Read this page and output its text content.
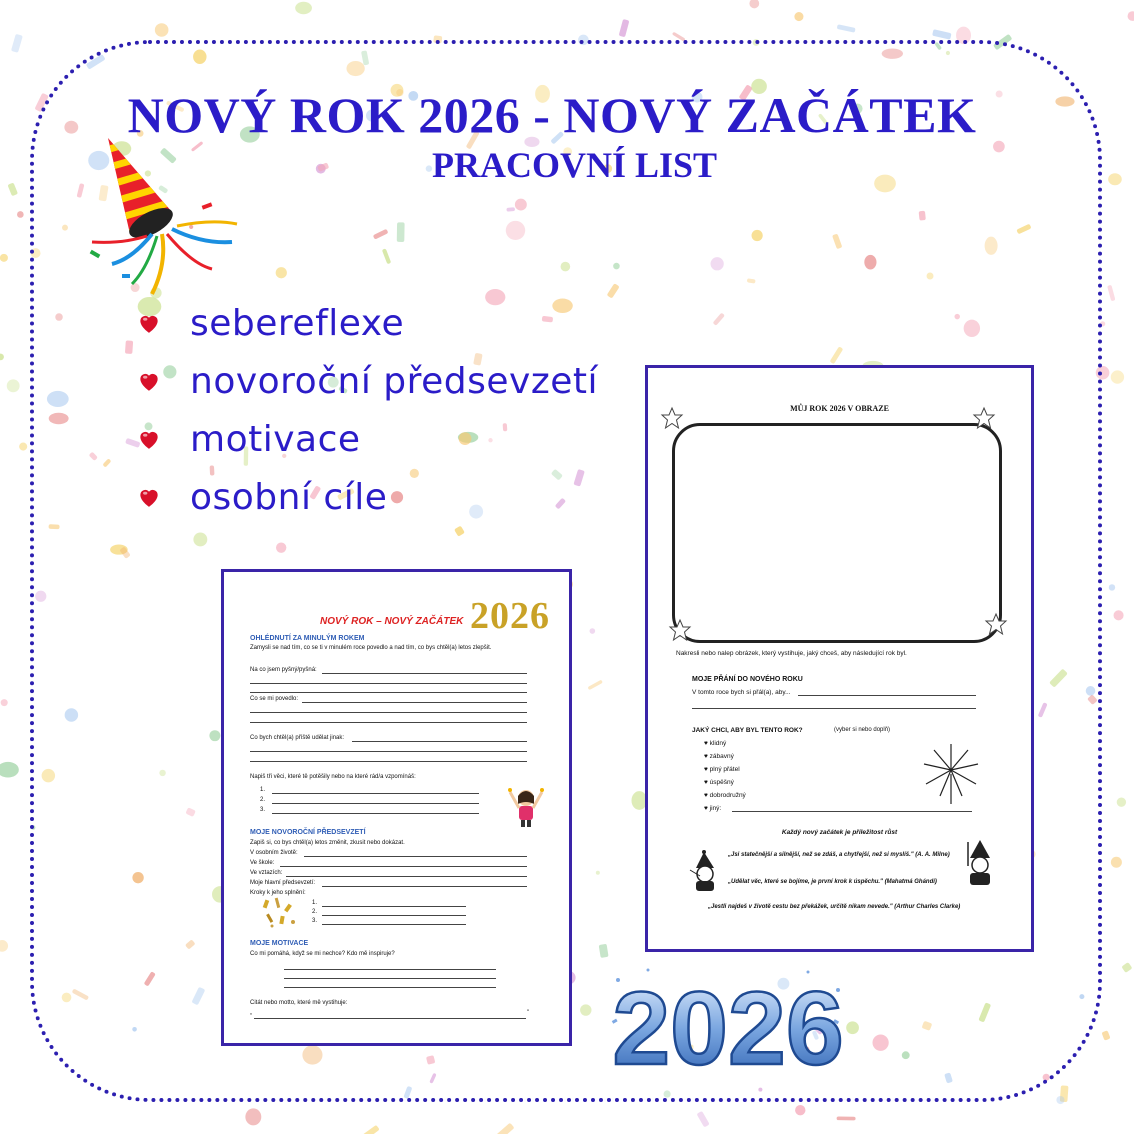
NOVÝ ROK 2026 - NOVÝ ZAČÁTEK
PRACOVNÍ LIST
sebereflexe
novoroční předsevzetí
motivace
osobní cíle
NOVÝ ROK – NOVÝ ZAČÁTEK 2026
OHLÉDNUTÍ ZA MINULÝM ROKEM
Zamysli se nad tím, co se ti v minulém roce povedlo a nad tím, co bys chtěl(a) letos zlepšit.
Na co jsem pyšný/pyšná:
Co se mi povedlo:
Co bych chtěl(a) příště udělat jinak:
Napiš tři věci, které tě potěšily nebo na které rád/a vzpomínáš:
1.
2.
3.
MOJE NOVOROČNÍ PŘEDSEVZETÍ
Zapiš si, co bys chtěl(a) letos změnit, zkusit nebo dokázat.
V osobním životě:
Ve škole:
Ve vztazích:
Moje hlavní předsevzetí:
Kroky k jeho splnění:
1.
2.
3.
MOJE MOTIVACE
Co mi pomáhá, když se mi nechce? Kdo mě inspiruje?
Citát nebo motto, které mě vystihuje:
„	"
MŮJ ROK 2026 V OBRAZE
Nakresli nebo nalep obrázek, který vystihuje, jaký chceš, aby následující rok byl.
MOJE PŘÁNÍ DO NOVÉHO ROKU
V tomto roce bych si přál(a), aby...
JAKÝ CHCI, ABY BYL TENTO ROK?	(vyber si nebo doplň)
♥ klidný
♥ zábavný
♥ plný přátel
♥ úspěšný
♥ dobrodružný
♥ jiný:
Každý nový začátek je příležitost růst
„Jsi statečnější a silnější, než se zdáš, a chytřejší, než si myslíš." (A. A. Milne)
„Udělat věc, které se bojíme, je první krok k úspěchu." (Mahatmá Ghándí)
„Jestli najdeš v životě cestu bez překážek, určitě nikam nevede." (Arthur Charles Clarke)
2026
